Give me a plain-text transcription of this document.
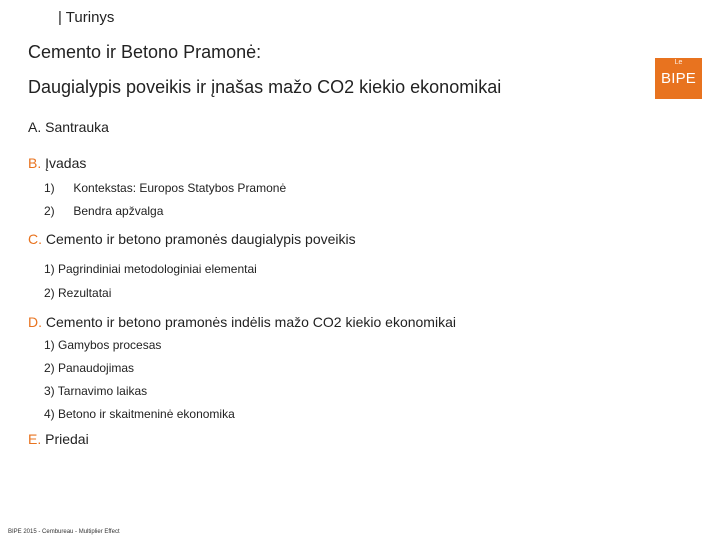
| Turinys
Cemento ir Betono Pramonė:
Daugialypis poveikis ir įnašas mažo CO2 kiekio ekonomikai
Le
BIPE
A. Santrauka
B. Įvadas
1) Kontekstas: Europos Statybos Pramonė
2) Bendra apžvalga
C. Cemento ir betono pramonės daugialypis poveikis
1) Pagrindiniai metodologiniai elementai
2) Rezultatai
D. Cemento ir betono pramonės indėlis mažo CO2 kiekio ekonomikai
1) Gamybos procesas
2) Panaudojimas
3) Tarnavimo laikas
4) Betono ir skaitmeninė ekonomika
E. Priedai
BIPE 2015 - Cembureau - Multiplier Effect
